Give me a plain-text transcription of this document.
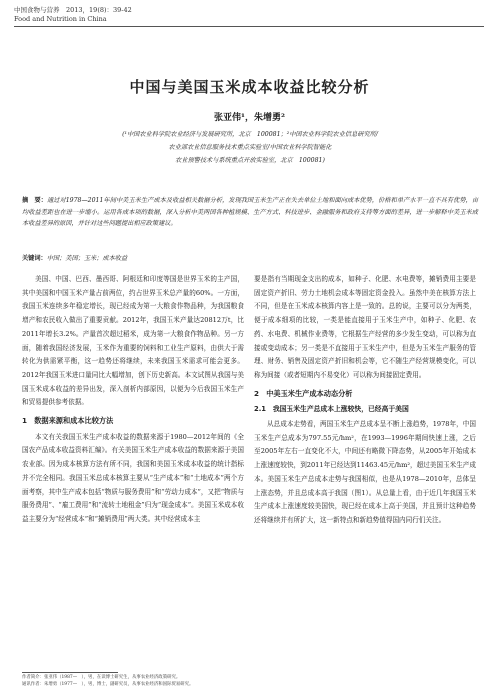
中国食物与营养　2013，19(8)：39-42
Food and Nutrition in China
中国与美国玉米成本收益比较分析
张亚伟¹，朱增勇²
(¹中国农业科学院农业经济与发展研究所，北京　100081；²中国农业科学院农业信息研究所/
农业部农业信息服务技术重点实验室/中国农业科学院智能化
农业预警技术与系统重点开放实验室，北京　100081)
摘　要：通过对1978—2011年间中美玉米生产成本及收益相关数据分析，发现我国玉米生产正在失去单位土地和面向成本优势，价格和单产水平一直不具有优势，亩均收益差距也在进一步缩小。运用各成本项的数据，深入分析中美两国各种植规模、生产方式、科技进步、金融服务和政府支持等方面的差异，进一步解释中美玉米成本收益差异的原因，并针对这些问题提出相应政策建议。
关键词：中国；美国；玉米；成本收益

美国、中国、巴西、墨西哥、阿根廷和印度等国是世界玉米的主产国，其中美国和中国玉米产量占前两位，约占世界玉米总产量的60%。一方面，我国玉米连续多年稳定增长，现已经成为第一大粮食作物品种，为我国粮食增产和农民收入做出了重要贡献。2012年，我国玉米产量达20812万t，比2011年增长3.2%。产量首次超过稻米，成为第一大粮食作物品种。另一方面，随着我国经济发展，玉米作为重要的饲料和工业生产原料，由供大于需转化为供需紧平衡，这一趋势还将继续，未来我国玉米需求可能会更多。2012年我国玉米进口量同比大幅增加，创下历史新高。本文试图从我国与美国玉米成本收益的差异出发，深入剖析内部原因，以便为今后我国玉米生产和贸易提供参考依据。

1　数据来源和成本比较方法

本文有关我国玉米生产成本收益的数据来源于1980—2012年间的《全国农产品成本收益资料汇编》。有关美国玉米生产成本收益的数据来源于美国农业部。因为成本核算方法有所不同，我国和美国玉米成本收益的统计指标并不完全相同。我国玉米总成本核算主要从“生产成本”和“土地成本”两个方面考察，其中生产成本包括“物质与服务费用”和“劳动力成本”，又把“物质与服务费用”、“雇工费用”和“流转土地租金”归为“现金成本”。美国玉米成本收益主要分为“经营成本”和“摊销费用”两大类。其中经营成本主

要是指有当期现金支出的成本，如种子、化肥、水电费等，摊销费用主要是固定资产折旧、劳力土地机会成本等固定资金投入。虽然中美在核算方法上不同，但是在玉米成本核算内容上是一致的。总的说，主要可以分为两类，便于成本细项的比较，一类是能直接用于玉米生产中，如种子、化肥、农药、水电费、机械作业费等，它根据生产经营的多少发生变动，可以称为直接或变动成本；另一类是不直接用于玉米生产中，但是为玉米生产服务的管理、财务、销售及固定资产折旧和机会等，它不随生产经营规模变化，可以称为间接（或者短期内不易变化）可以称为间接固定费用。

2　中美玉米生产成本动态分析
2.1　我国玉米生产总成本上涨较快，已经高于美国

从总成本走势看，两国玉米生产总成本呈不断上涨趋势，1978年，中国玉米生产总成本为797.55元/hm²，在1993—1996年期间快速上涨，之后至2005年左右一直变化不大，中间还有略微下降态势，从2005年开始成本上涨速度较快，到2011年已经达到11463.45元/hm²，超过美国玉米生产成本。美国玉米生产总成本走势与我国相似，也是从1978—2010年，总体呈上涨态势，并且总成本高于我国（图1）。从总量上看，由于近几年我国玉米生产成本上涨速度较美国快，现已经在成本上高于美国，并且预计这种趋势还将继续并有所扩大，这一新特点和新趋势值得国内同行们关注。

作者简介：张亚伟（1987—　），男，在读博士研究生，从事农业经济政策研究。
通讯作者：朱增勇（1977—　），男，博士，副研究员，从事农业经济和国际贸易研究。
